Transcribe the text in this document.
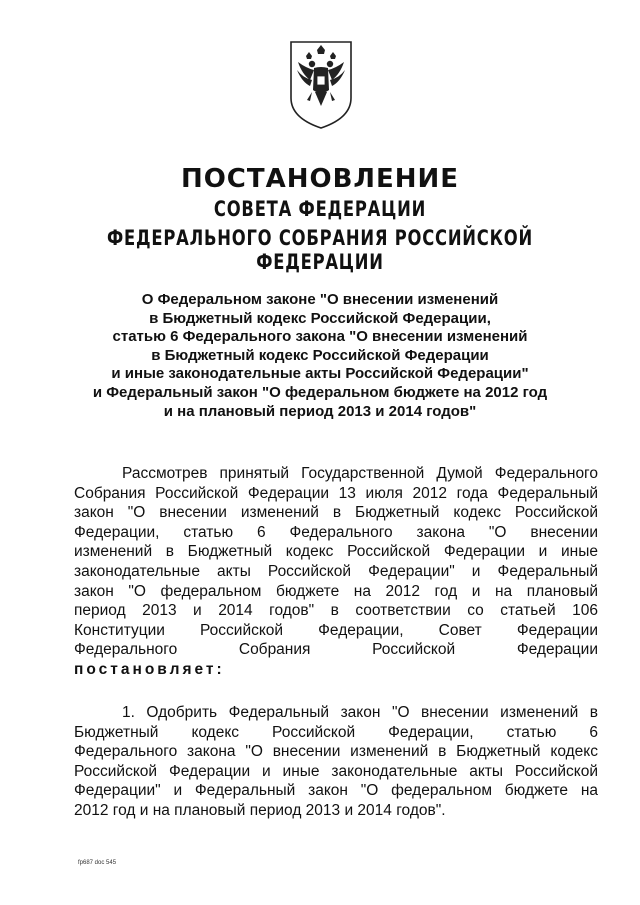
ПОСТАНОВЛЕНИЕ
СОВЕТА ФЕДЕРАЦИИ
ФЕДЕРАЛЬНОГО СОБРАНИЯ РОССИЙСКОЙ ФЕДЕРАЦИИ
О Федеральном законе "О внесении изменений
в Бюджетный кодекс Российской Федерации,
статью 6 Федерального закона "О внесении изменений
в Бюджетный кодекс Российской Федерации
и иные законодательные акты Российской Федерации"
и Федеральный закон "О федеральном бюджете на 2012 год
и на плановый период 2013 и 2014 годов"
Рассмотрев принятый Государственной Думой Федерального
Собрания Российской Федерации 13 июля 2012 года Федеральный
закон "О внесении изменений в Бюджетный кодекс Российской
Федерации, статью 6 Федерального закона "О внесении
изменений в Бюджетный кодекс Российской Федерации и иные
законодательные акты Российской Федерации" и Федеральный
закон "О федеральном бюджете на 2012 год и на плановый
период 2013 и 2014 годов" в соответствии со статьей 106
Конституции Российской Федерации, Совет Федерации
Федерального Собрания Российской Федерации
постановляет:
1. Одобрить Федеральный закон "О внесении изменений в
Бюджетный кодекс Российской Федерации, статью 6
Федерального закона "О внесении изменений в Бюджетный кодекс
Российской Федерации и иные законодательные акты Российской
Федерации" и Федеральный закон "О федеральном бюджете на
2012 год и на плановый период 2013 и 2014 годов".
fp687 doc 545
